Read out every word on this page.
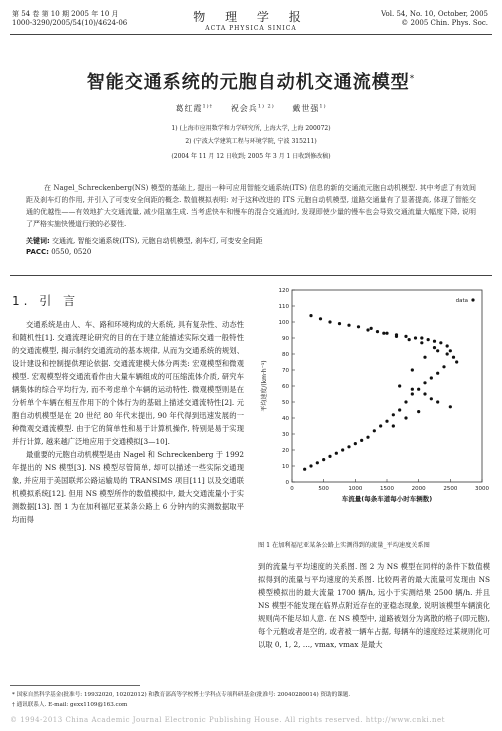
第 54 卷 第 10 期 2005 年 10 月
1000-3290/2005/54(10)/4624-06	物 理 学 报
ACTA PHYSICA SINICA
Vol. 54, No. 10, October, 2005
© 2005 Chin. Phys. Soc.
智能交通系统的元胞自动机交通流模型*
葛红霞$^{1)\dagger}$ 祝会兵$^{1) 2)}$ 戴世强$^{1)}$
1) (上海市应用数学和力学研究所, 上海大学, 上海 200072)
2) (宁波大学建筑工程与环境学院, 宁波 315211)
(2004 年 11 月 12 日收到; 2005 年 3 月 1 日收到修改稿)
在 Nagel_Schreckenberg(NS) 模型的基础上, 提出一种可应用智能交通系统(ITS) 信息的新的交通流元胞自动机模型. 其中考虑了有效间距及刹车灯的作用, 并引入了可变安全间距的概念. 数值模拟表明: 对于这种改进的 ITS 元胞自动机模型, 道路交通量有了显著提高, 体现了智能交通的优越性——有效地扩大交通流量, 减少阻塞生成. 当考虑快车和慢车的混合交通流时, 发现即使少量的慢车也会导致交通流量大幅度下降, 说明了严格实施快慢道行驶的必要性.
关键词: 交通流, 智能交通系统(ITS), 元胞自动机模型, 刹车灯, 可变安全间距
PACC: 0550, 0520
1. 引 言

交通系统是由人、车、路和环境构成的大系统, 具有复杂性、动态性和随机性[1]. 交通流理论研究的目的在于建立能描述实际交通一般特性的交通流模型, 揭示制约交通流动的基本规律, 从而为交通系统的规划、设计建设和控制提供理论依据. 交通流建模大体分两类: 宏观模型和微观模型. 宏观模型将交通流看作由大量车辆组成的可压缩流体介质, 研究车辆集体的综合平均行为, 而不考虑单个车辆的运动特性. 微观模型则是在分析单个车辆在相互作用下的个体行为的基础上描述交通流特性[2]. 元胞自动机模型是在 20 世纪 80 年代末提出, 90 年代得到迅速发展的一种微观交通流模型. 由于它的简单性和易于计算机操作, 特别是易于实现并行计算, 越来越广泛地应用于交通模拟[3—10].

最重要的元胞自动机模型是由 Nagel 和 Schreckenberg 于 1992 年提出的 NS 模型[3]. NS 模型尽管简单, 却可以描述一些实际交通现象, 并应用于美国联邦公路运输局的 TRANSIMS 项目[11] 以及交通联机模拟系统[12]. 但用 NS 模型所作的数值模拟中, 最大交通流量小于实测数据[13]. 图 1 为在加利福尼亚某条公路上 6 分钟内的实测数据取平均而得

0
10
20
30
40
50
60
70
80
90
100
110
120
0	500	1000	1500	2000	2500	3000
data
车流量(每条车道每小时车辆数)
平均速度/(km·h⁻¹)
图 1 在加利福尼亚某条公路上实测得到的流量_平均速度关系图
到的流量与平均速度的关系图. 图 2 为 NS 模型在同样的条件下数值模拟得到的流量与平均速度的关系图. 比较两者的最大流量可发现由 NS 模型模拟出的最大流量 1700 辆/h, 远小于实测结果 2500 辆/h. 并且 NS 模型不能发现在临界点附近存在的亚稳态现象, 说明该模型车辆演化规则尚不能尽如人意. 在 NS 模型中, 道路被划分为离散的格子(即元胞), 每个元胞或者是空的, 或者被一辆车占据, 每辆车的速度经过某规则化可以取 0, 1, 2, …, vmax, vmax 是最大
* 国家自然科学基金(批准号: 19932020, 10202012) 和教育部高等学校博士学科点专项科研基金(批准号: 20040280014) 资助的课题.
† 通讯联系人. E-mail: gexx1109@163.com
© 1994-2013 China Academic Journal Electronic Publishing House. All rights reserved. http://www.cnki.net
